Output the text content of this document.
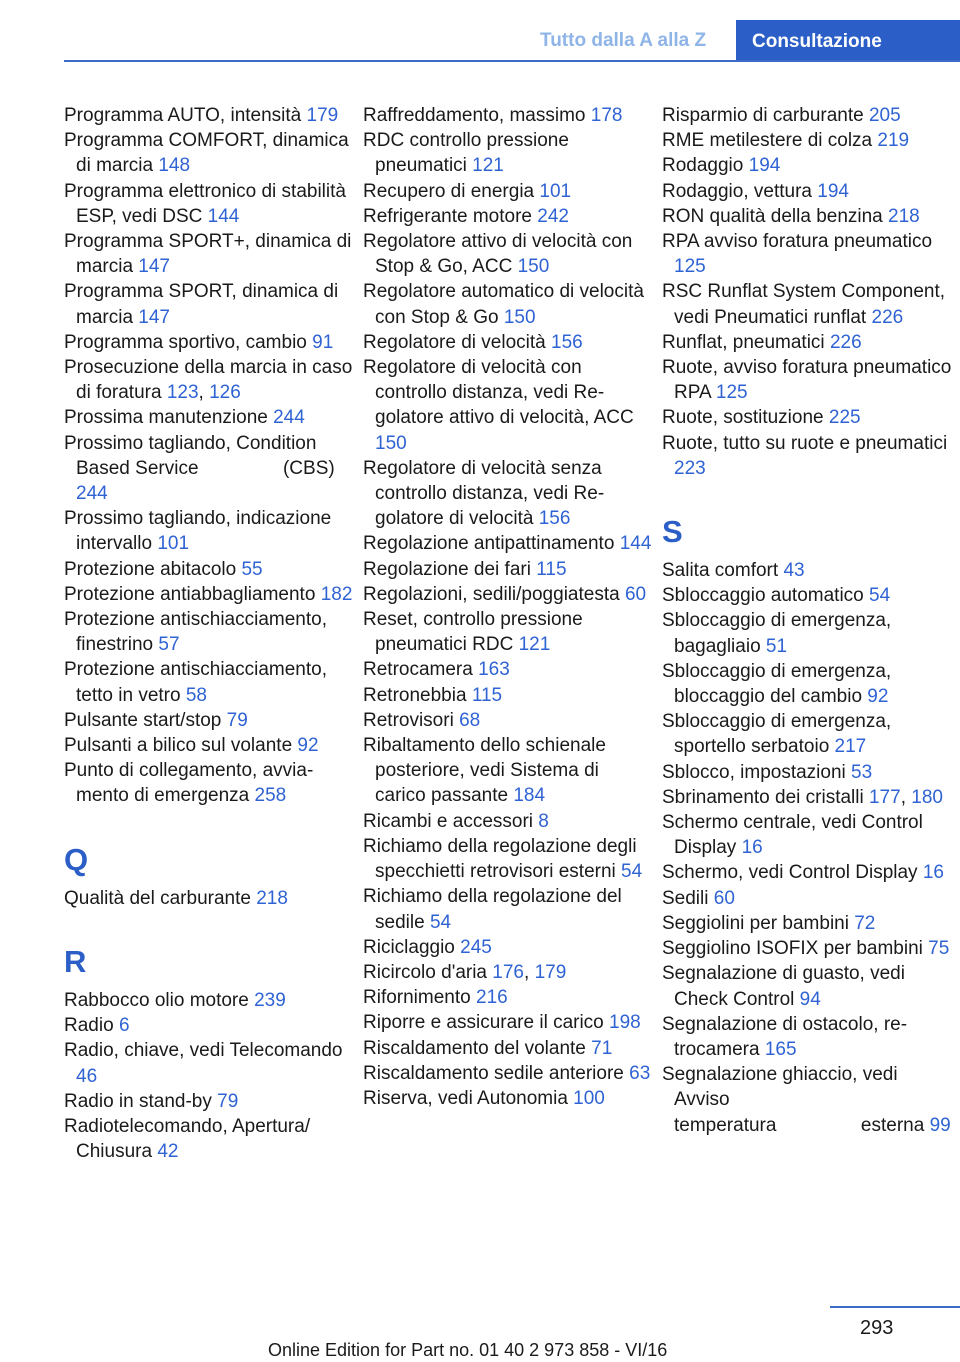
Tutto dalla A alla Z	Consultazione
Programma AUTO, intensità 179
Programma COMFORT, dinamica di marcia 148
Programma elettronico di stabilità ESP, vedi DSC 144
Programma SPORT+, dinamica di marcia 147
Programma SPORT, dinamica di marcia 147
Programma sportivo, cambio 91
Prosecuzione della marcia in caso di foratura 123, 126
Prossima manutenzione 244
Prossimo tagliando, Condition Based Service                (CBS) 244
Prossimo tagliando, indicazione intervallo 101
Protezione abitacolo 55
Protezione antiabbagliamento 182
Protezione antischiacciamento, finestrino 57
Protezione antischiacciamento, tetto in vetro 58
Pulsante start/stop 79
Pulsanti a bilico sul volante 92
Punto di collegamento, avviamento di emergenza 258
Q
Qualità del carburante 218
R
Rabbocco olio motore 239
Radio 6
Radio, chiave, vedi Telecomando 46
Radio in stand-by 79
Radiotelecomando, Apertura/​Chiusura 42
Raffreddamento, massimo 178
RDC controllo pressione pneumatici 121
Recupero di energia 101
Refrigerante motore 242
Regolatore attivo di velocità con Stop & Go, ACC 150
Regolatore automatico di velocità con Stop & Go 150
Regolatore di velocità 156
Regolatore di velocità con controllo distanza, vedi Regolatore attivo di velocità, ACC 150
Regolatore di velocità senza controllo distanza, vedi Regolatore di velocità 156
Regolazione antipattinamento 144
Regolazione dei fari 115
Regolazioni, sedili/poggiatesta 60
Reset, controllo pressione pneumatici RDC 121
Retrocamera 163
Retronebbia 115
Retrovisori 68
Ribaltamento dello schienale posteriore, vedi Sistema di carico passante 184
Ricambi e accessori 8
Richiamo della regolazione degli specchietti retrovisori esterni 54
Richiamo della regolazione del sedile 54
Riciclaggio 245
Ricircolo d'aria 176, 179
Rifornimento 216
Riporre e assicurare il carico 198
Riscaldamento del volante 71
Riscaldamento sedile anteriore 63
Riserva, vedi Autonomia 100
Risparmio di carburante 205
RME metilestere di colza 219
Rodaggio 194
Rodaggio, vettura 194
RON qualità della benzina 218
RPA avviso foratura pneumatico 125
RSC Runflat System Component, vedi Pneumatici runflat 226
Runflat, pneumatici 226
Ruote, avviso foratura pneumatico RPA 125
Ruote, sostituzione 225
Ruote, tutto su ruote e pneumatici 223
S
Salita comfort 43
Sbloccaggio automatico 54
Sbloccaggio di emergenza, bagagliaio 51
Sbloccaggio di emergenza, bloccaggio del cambio 92
Sbloccaggio di emergenza, sportello serbatoio 217
Sblocco, impostazioni 53
Sbrinamento dei cristalli 177, 180
Schermo centrale, vedi Control Display 16
Schermo, vedi Control Display 16
Sedili 60
Seggiolini per bambini 72
Seggiolino ISOFIX per bambini 75
Segnalazione di guasto, vedi Check Control 94
Segnalazione di ostacolo, retrocamera 165
Segnalazione ghiaccio, vedi Avviso temperatura                esterna 99
293
Online Edition for Part no. 01 40 2 973 858 - VI/16
